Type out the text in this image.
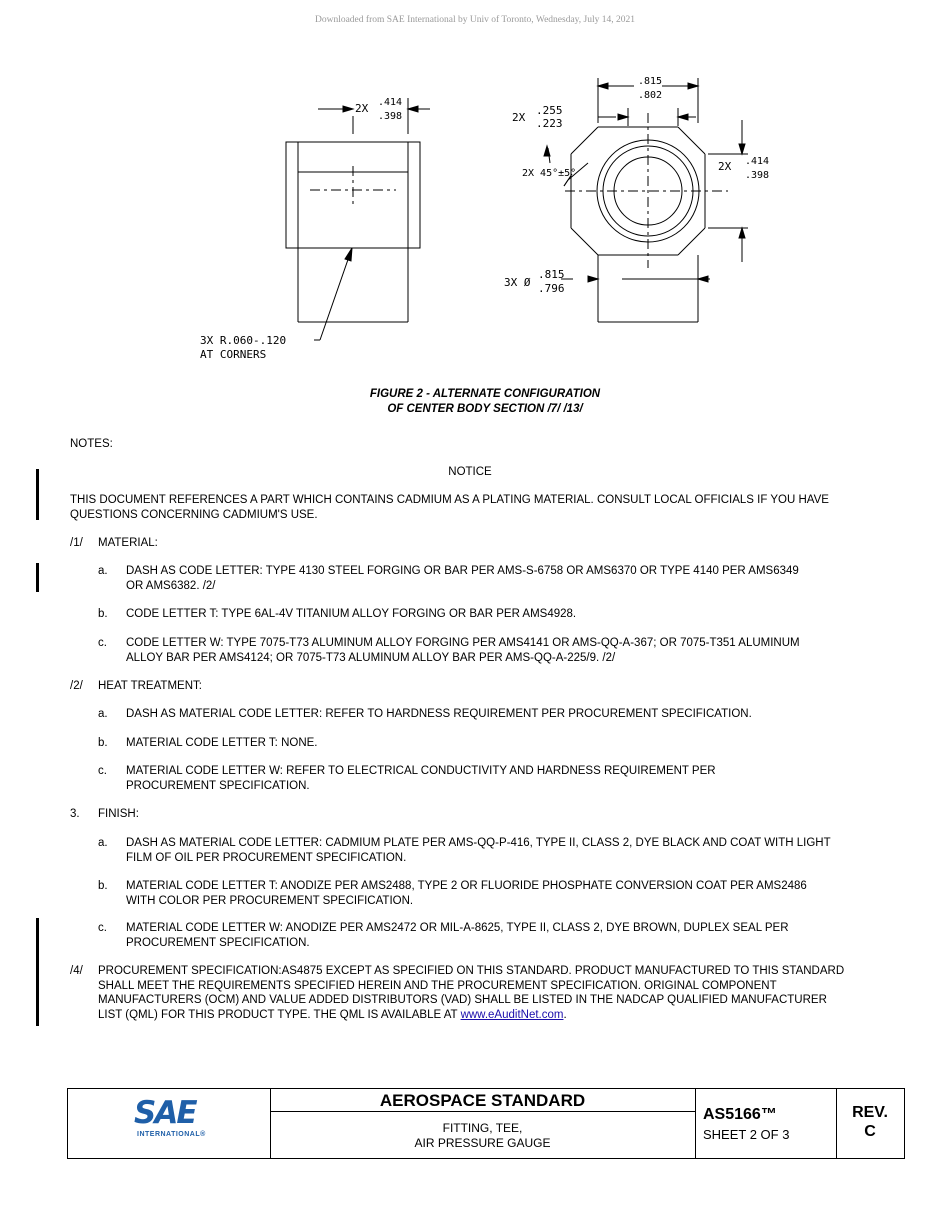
Downloaded from SAE International by Univ of Toronto, Wednesday, July 14, 2021
2X .414
.398
.815
.802
2X
.255
.223
2X 45°±5°
2X .414
.398
3X Ø
.815
.796
3X R.060-.120
AT CORNERS
FIGURE 2 - ALTERNATE CONFIGURATION
OF CENTER BODY SECTION /7/ /13/
NOTES:
NOTICE
THIS DOCUMENT REFERENCES A PART WHICH CONTAINS CADMIUM AS A PLATING MATERIAL. CONSULT LOCAL OFFICIALS IF YOU HAVE QUESTIONS CONCERNING CADMIUM'S USE.
/1/ MATERIAL:
a. DASH AS CODE LETTER: TYPE 4130 STEEL FORGING OR BAR PER AMS-S-6758 OR AMS6370 OR TYPE 4140 PER AMS6349 OR AMS6382. /2/
b. CODE LETTER T: TYPE 6AL-4V TITANIUM ALLOY FORGING OR BAR PER AMS4928.
c. CODE LETTER W: TYPE 7075-T73 ALUMINUM ALLOY FORGING PER AMS4141 OR AMS-QQ-A-367; OR 7075-T351 ALUMINUM ALLOY BAR PER AMS4124; OR 7075-T73 ALUMINUM ALLOY BAR PER AMS-QQ-A-225/9. /2/
/2/ HEAT TREATMENT:
a. DASH AS MATERIAL CODE LETTER: REFER TO HARDNESS REQUIREMENT PER PROCUREMENT SPECIFICATION.
b. MATERIAL CODE LETTER T: NONE.
c. MATERIAL CODE LETTER W: REFER TO ELECTRICAL CONDUCTIVITY AND HARDNESS REQUIREMENT PER PROCUREMENT SPECIFICATION.
3. FINISH:
a. DASH AS MATERIAL CODE LETTER: CADMIUM PLATE PER AMS-QQ-P-416, TYPE II, CLASS 2, DYE BLACK AND COAT WITH LIGHT FILM OF OIL PER PROCUREMENT SPECIFICATION.
b. MATERIAL CODE LETTER T: ANODIZE PER AMS2488, TYPE 2 OR FLUORIDE PHOSPHATE CONVERSION COAT PER AMS2486 WITH COLOR PER PROCUREMENT SPECIFICATION.
c. MATERIAL CODE LETTER W: ANODIZE PER AMS2472 OR MIL-A-8625, TYPE II, CLASS 2, DYE BROWN, DUPLEX SEAL PER PROCUREMENT SPECIFICATION.
/4/ PROCUREMENT SPECIFICATION:AS4875 EXCEPT AS SPECIFIED ON THIS STANDARD. PRODUCT MANUFACTURED TO THIS STANDARD SHALL MEET THE REQUIREMENTS SPECIFIED HEREIN AND THE PROCUREMENT SPECIFICATION. ORIGINAL COMPONENT MANUFACTURERS (OCM) AND VALUE ADDED DISTRIBUTORS (VAD) SHALL BE LISTED IN THE NADCAP QUALIFIED MANUFACTURER LIST (QML) FOR THIS PRODUCT TYPE. THE QML IS AVAILABLE AT www.eAuditNet.com.
SAE
INTERNATIONAL®
AEROSPACE STANDARD
FITTING, TEE,
AIR PRESSURE GAUGE
AS5166™
SHEET 2 OF 3
REV.
C
